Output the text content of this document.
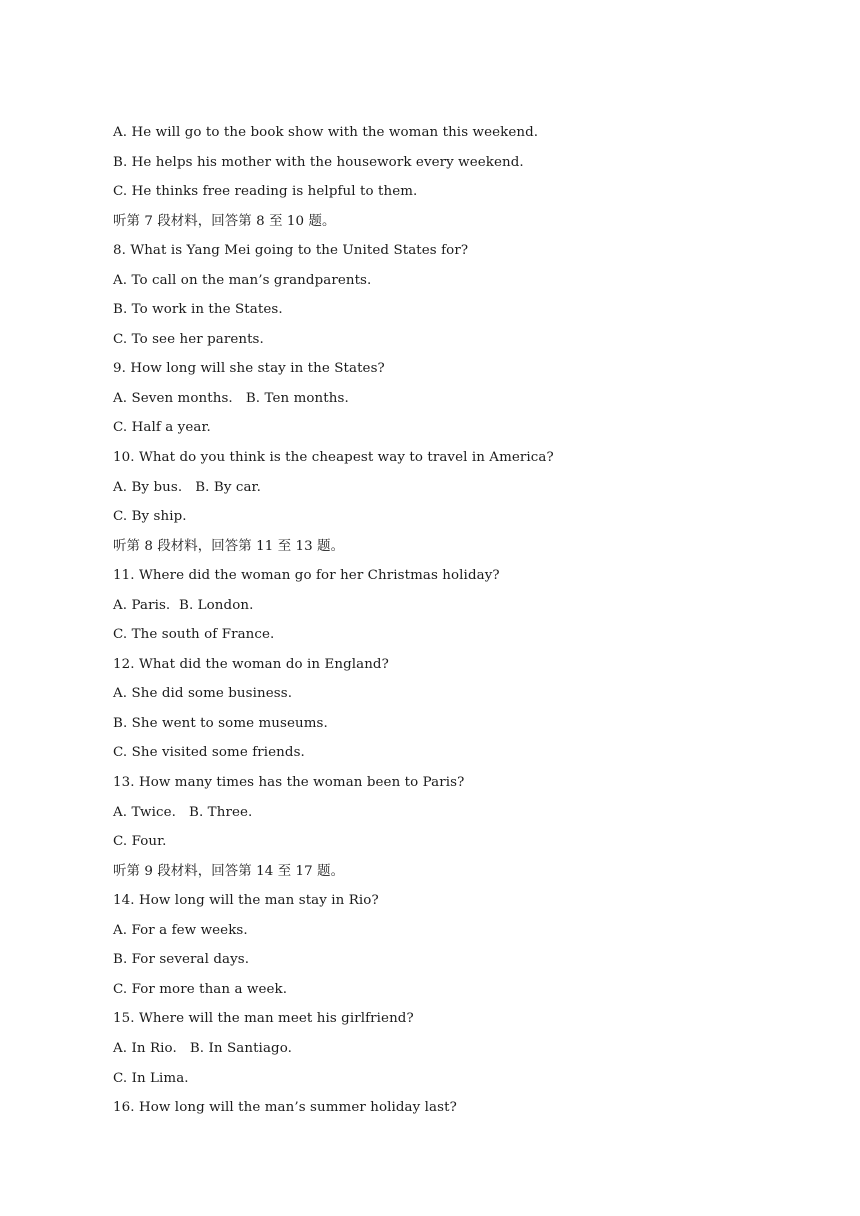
A. He will go to the book show with the woman this weekend.
B. He helps his mother with the housework every weekend.
C. He thinks free reading is helpful to them.
听第 7 段材料，回答第 8 至 10 题。
8. What is Yang Mei going to the United States for?
A. To call on the man’s grandparents.
B. To work in the States.
C. To see her parents.
9. How long will she stay in the States?
A. Seven months.   B. Ten months.
C. Half a year.
10. What do you think is the cheapest way to travel in America?
A. By bus.   B. By car.
C. By ship.
听第 8 段材料，回答第 11 至 13 题。
11. Where did the woman go for her Christmas holiday?
A. Paris.  B. London.
C. The south of France.
12. What did the woman do in England?
A. She did some business.
B. She went to some museums.
C. She visited some friends.
13. How many times has the woman been to Paris?
A. Twice.   B. Three.
C. Four.
听第 9 段材料，回答第 14 至 17 题。
14. How long will the man stay in Rio?
A. For a few weeks.
B. For several days.
C. For more than a week.
15. Where will the man meet his girlfriend?
A. In Rio.   B. In Santiago.
C. In Lima.
16. How long will the man’s summer holiday last?
